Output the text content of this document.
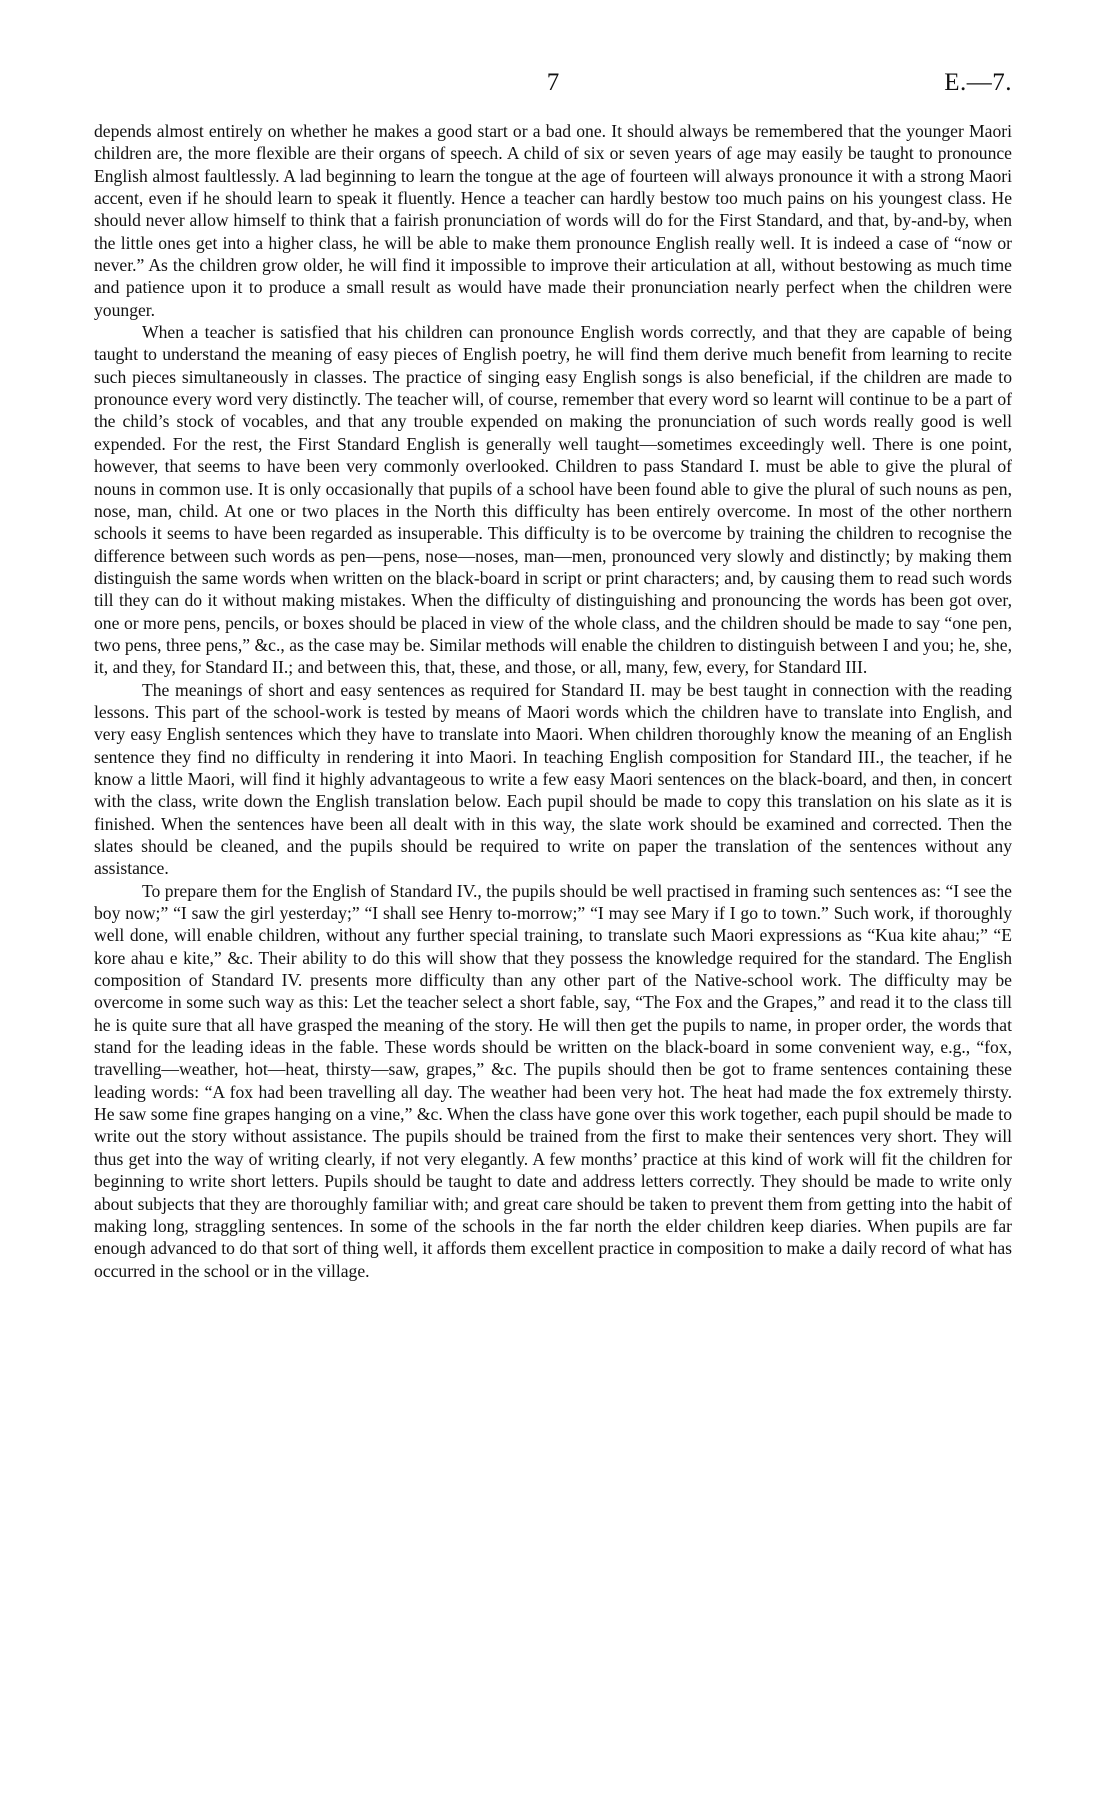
7	E.—7.

depends almost entirely on whether he makes a good start or a bad one. It should always be remembered that the younger Maori children are, the more flexible are their organs of speech. A child of six or seven years of age may easily be taught to pronounce English almost faultlessly. A lad beginning to learn the tongue at the age of fourteen will always pronounce it with a strong Maori accent, even if he should learn to speak it fluently. Hence a teacher can hardly bestow too much pains on his youngest class. He should never allow himself to think that a fairish pronunciation of words will do for the First Standard, and that, by-and-by, when the little ones get into a higher class, he will be able to make them pronounce English really well. It is indeed a case of “now or never.” As the children grow older, he will find it impossible to improve their articulation at all, without bestowing as much time and patience upon it to produce a small result as would have made their pronunciation nearly perfect when the children were younger.

When a teacher is satisfied that his children can pronounce English words correctly, and that they are capable of being taught to understand the meaning of easy pieces of English poetry, he will find them derive much benefit from learning to recite such pieces simultaneously in classes. The practice of singing easy English songs is also beneficial, if the children are made to pronounce every word very distinctly. The teacher will, of course, remember that every word so learnt will continue to be a part of the child’s stock of vocables, and that any trouble expended on making the pronunciation of such words really good is well expended. For the rest, the First Standard English is generally well taught—sometimes exceedingly well. There is one point, however, that seems to have been very commonly overlooked. Children to pass Standard I. must be able to give the plural of nouns in common use. It is only occasionally that pupils of a school have been found able to give the plural of such nouns as pen, nose, man, child. At one or two places in the North this difficulty has been entirely overcome. In most of the other northern schools it seems to have been regarded as insuperable. This difficulty is to be overcome by training the children to recognise the difference between such words as pen—pens, nose—noses, man—men, pronounced very slowly and distinctly; by making them distinguish the same words when written on the black-board in script or print characters; and, by causing them to read such words till they can do it without making mistakes. When the difficulty of distinguishing and pronouncing the words has been got over, one or more pens, pencils, or boxes should be placed in view of the whole class, and the children should be made to say “one pen, two pens, three pens,” &c., as the case may be. Similar methods will enable the children to distinguish between I and you; he, she, it, and they, for Standard II.; and between this, that, these, and those, or all, many, few, every, for Standard III.

The meanings of short and easy sentences as required for Standard II. may be best taught in connection with the reading lessons. This part of the school-work is tested by means of Maori words which the children have to translate into English, and very easy English sentences which they have to translate into Maori. When children thoroughly know the meaning of an English sentence they find no difficulty in rendering it into Maori. In teaching English composition for Standard III., the teacher, if he know a little Maori, will find it highly advantageous to write a few easy Maori sentences on the black-board, and then, in concert with the class, write down the English translation below. Each pupil should be made to copy this translation on his slate as it is finished. When the sentences have been all dealt with in this way, the slate work should be examined and corrected. Then the slates should be cleaned, and the pupils should be required to write on paper the translation of the sentences without any assistance.

To prepare them for the English of Standard IV., the pupils should be well practised in framing such sentences as: “I see the boy now;” “I saw the girl yesterday;” “I shall see Henry to-morrow;” “I may see Mary if I go to town.” Such work, if thoroughly well done, will enable children, without any further special training, to translate such Maori expressions as “Kua kite ahau;” “E kore ahau e kite,” &c. Their ability to do this will show that they possess the knowledge required for the standard. The English composition of Standard IV. presents more difficulty than any other part of the Native-school work. The difficulty may be overcome in some such way as this: Let the teacher select a short fable, say, “The Fox and the Grapes,” and read it to the class till he is quite sure that all have grasped the meaning of the story. He will then get the pupils to name, in proper order, the words that stand for the leading ideas in the fable. These words should be written on the black-board in some convenient way, e.g., “fox, travelling—weather, hot—heat, thirsty—saw, grapes,” &c. The pupils should then be got to frame sentences containing these leading words: “A fox had been travelling all day. The weather had been very hot. The heat had made the fox extremely thirsty. He saw some fine grapes hanging on a vine,” &c. When the class have gone over this work together, each pupil should be made to write out the story without assistance. The pupils should be trained from the first to make their sentences very short. They will thus get into the way of writing clearly, if not very elegantly. A few months’ practice at this kind of work will fit the children for beginning to write short letters. Pupils should be taught to date and address letters correctly. They should be made to write only about subjects that they are thoroughly familiar with; and great care should be taken to prevent them from getting into the habit of making long, straggling sentences. In some of the schools in the far north the elder children keep diaries. When pupils are far enough advanced to do that sort of thing well, it affords them excellent practice in composition to make a daily record of what has occurred in the school or in the village.
